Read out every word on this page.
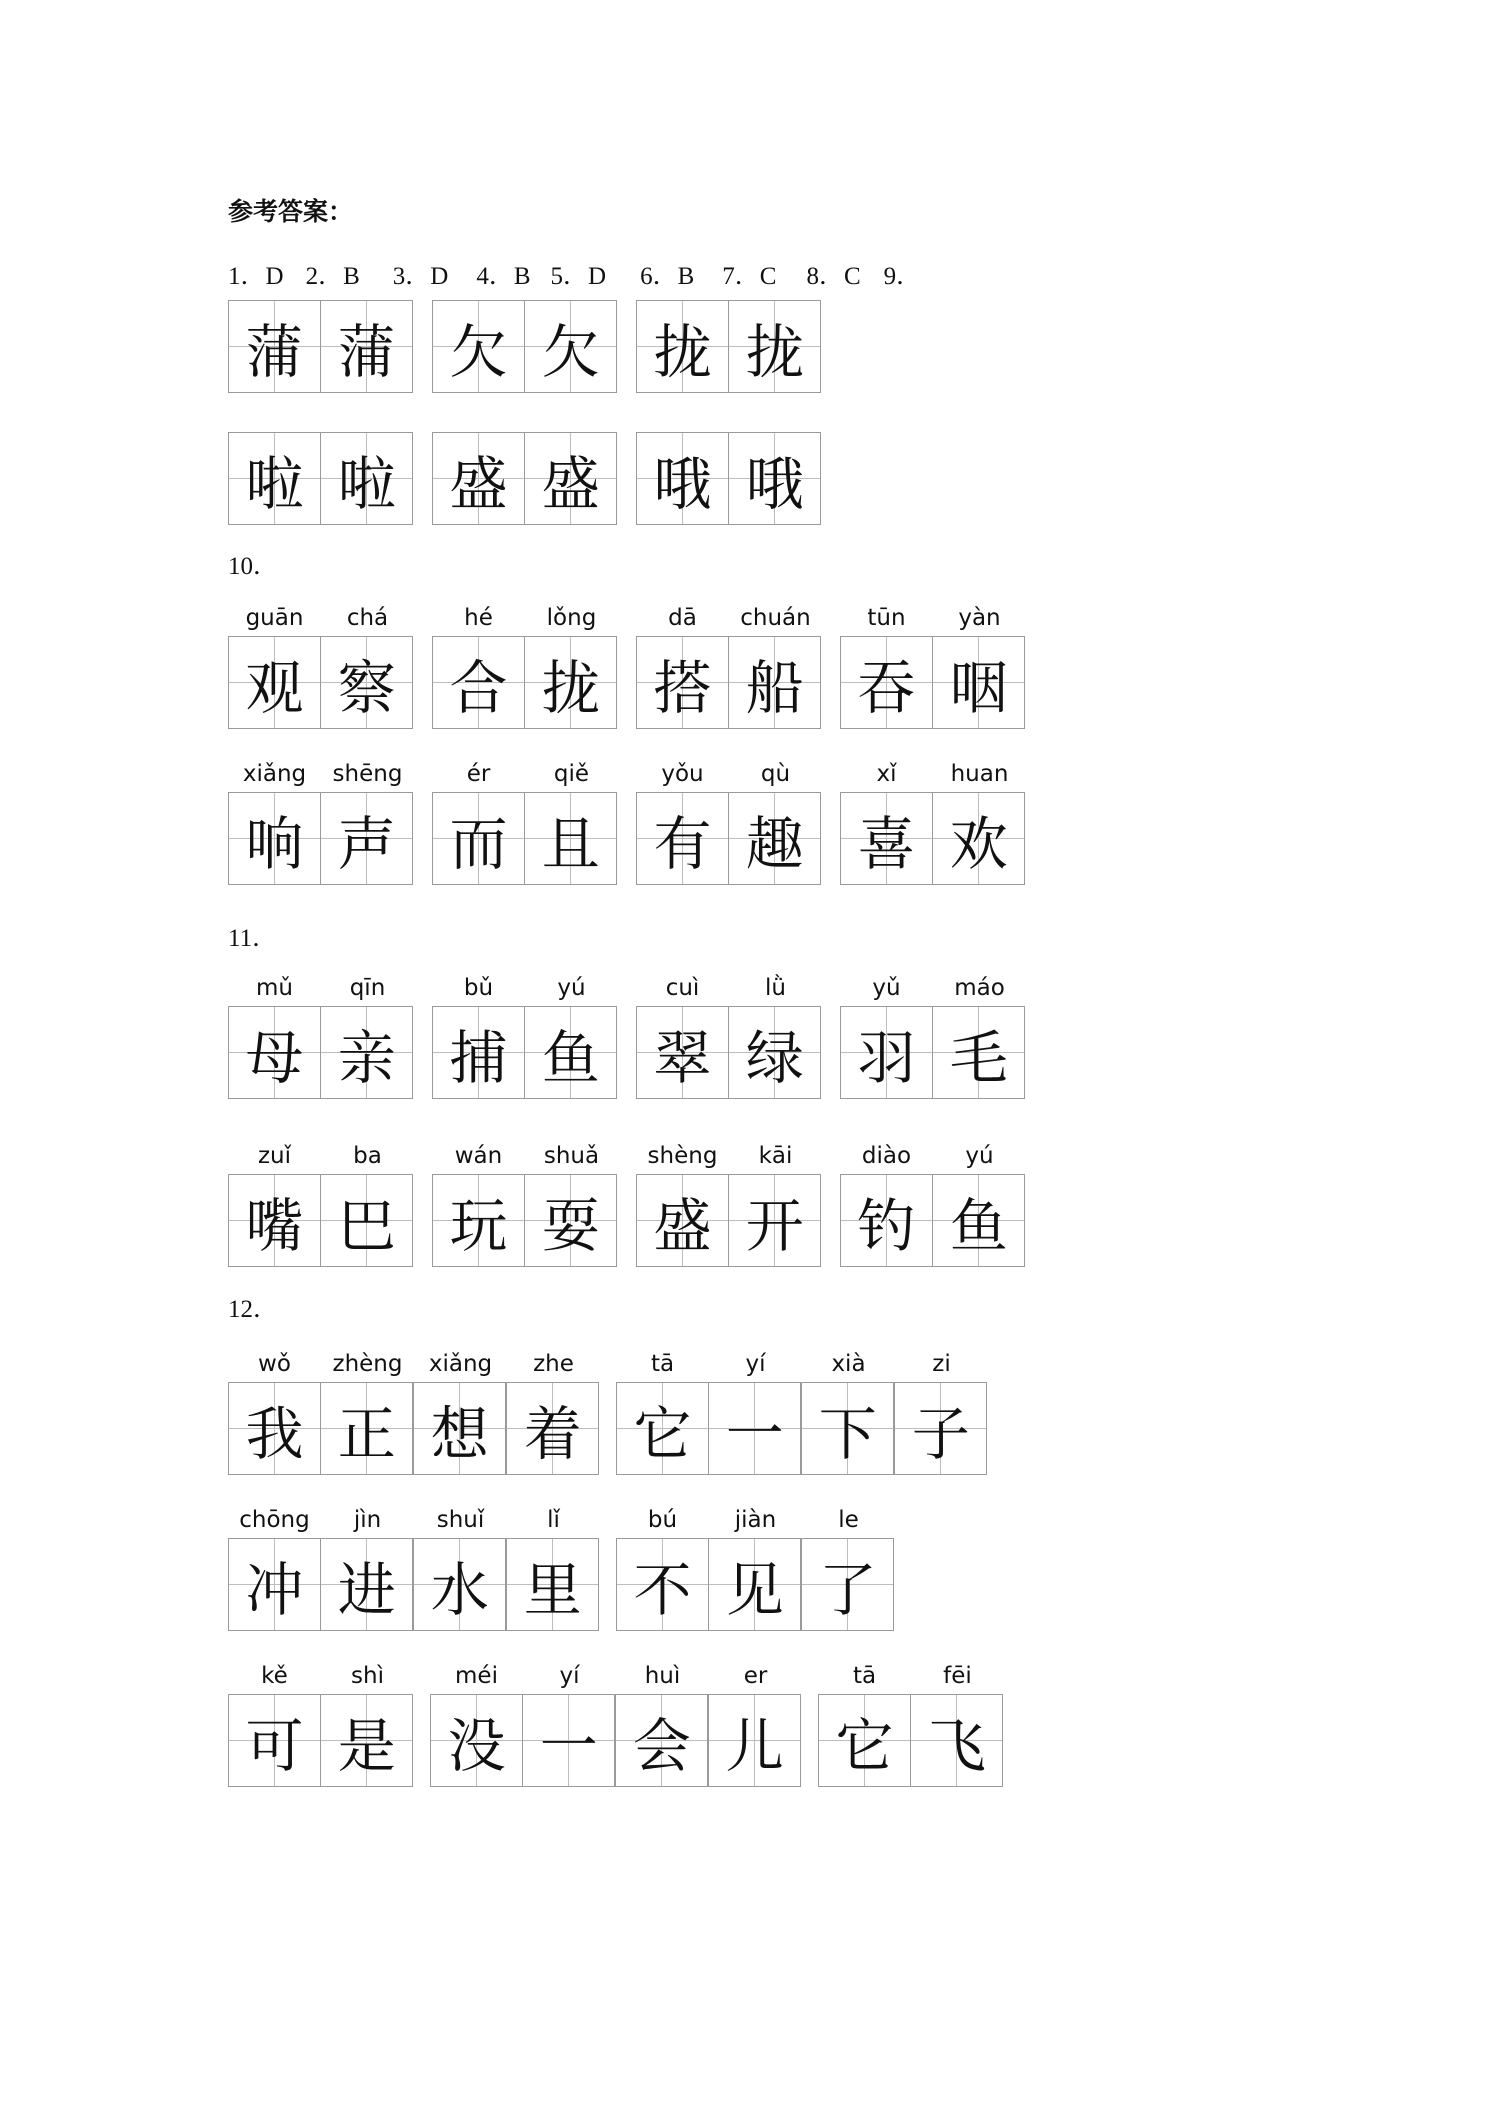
参考答案：
1．D 2．B 3．D 4．B 5．D 6．B 7．C 8．C 9．
蒲 蒲 欠 欠 拢 拢
啦 啦 盛 盛 哦 哦
10．
guān
观
chá
察
hé
合
lǒng
拢
dā
搭
chuán
船
tūn
吞
yàn
咽
xiǎng
响
shēng
声
ér
而
qiě
且
yǒu
有
qù
趣
xǐ
喜
huan
欢
11．
mǔ
母
qīn
亲
bǔ
捕
yú
鱼
cuì
翠
lǜ
绿
yǔ
羽
máo
毛
zuǐ
嘴
ba
巴
wán
玩
shuǎ
耍
shèng
盛
kāi
开
diào
钓
yú
鱼
12．
wǒ
我
zhèng
正
xiǎng
想
zhe
着
tā
它
yí
一
xià
下
zi
子
chōng
冲
jìn
进
shuǐ
水
lǐ
里
bú
不
jiàn
见
le
了
kě
可
shì
是
méi
没
yí
一
huì
会
er
儿
tā
它
fēi
飞
